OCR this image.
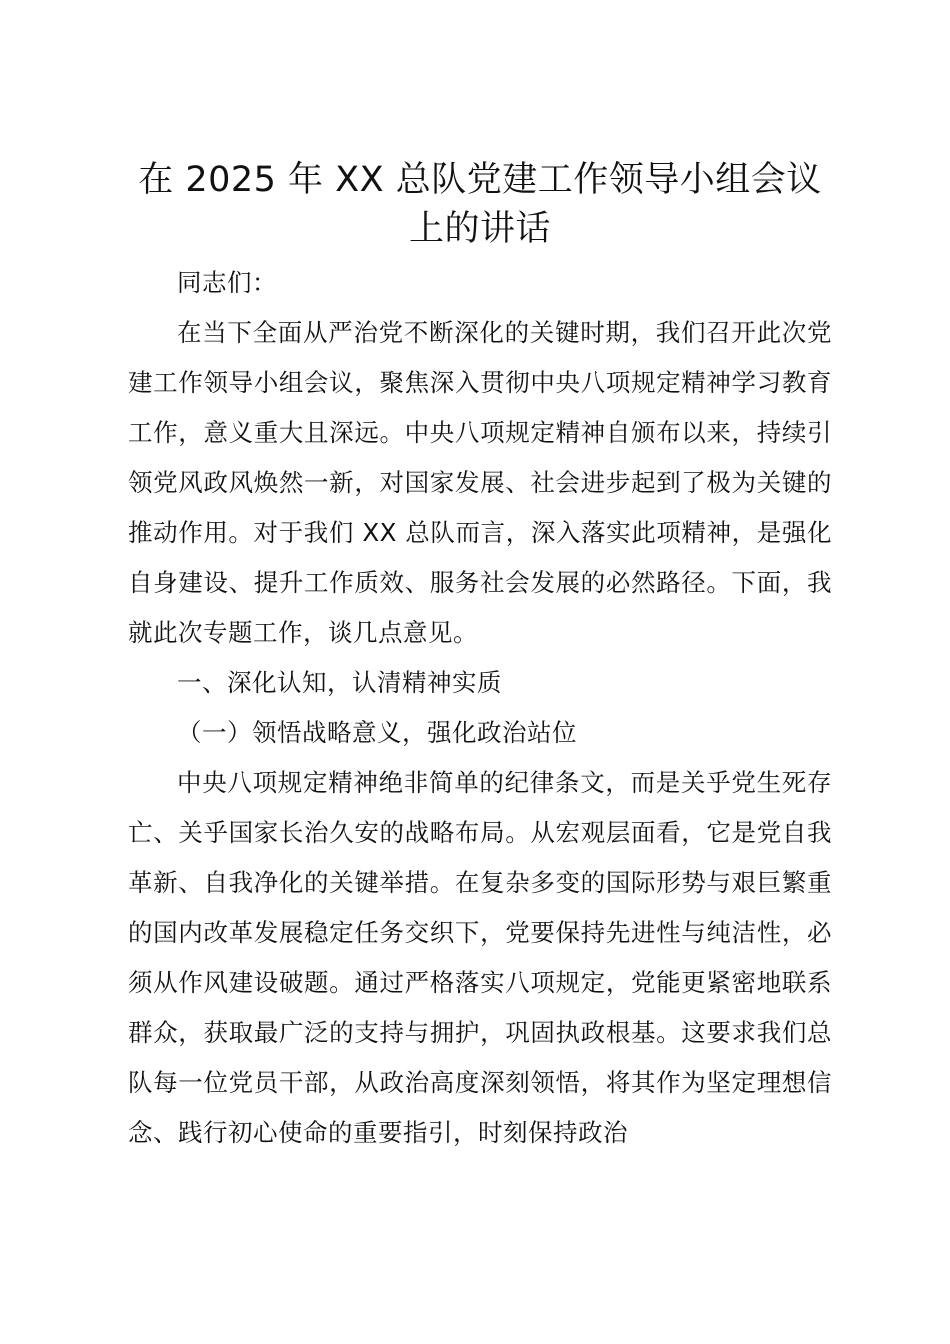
在 2025 年 XX 总队党建工作领导小组会议上的讲话

同志们：

在当下全面从严治党不断深化的关键时期，我们召开此次党建工作领导小组会议，聚焦深入贯彻中央八项规定精神学习教育工作，意义重大且深远。中央八项规定精神自颁布以来，持续引领党风政风焕然一新，对国家发展、社会进步起到了极为关键的推动作用。对于我们 XX 总队而言，深入落实此项精神，是强化自身建设、提升工作质效、服务社会发展的必然路径。下面，我就此次专题工作，谈几点意见。

一、深化认知，认清精神实质

（一）领悟战略意义，强化政治站位

中央八项规定精神绝非简单的纪律条文，而是关乎党生死存亡、关乎国家长治久安的战略布局。从宏观层面看，它是党自我革新、自我净化的关键举措。在复杂多变的国际形势与艰巨繁重的国内改革发展稳定任务交织下，党要保持先进性与纯洁性，必须从作风建设破题。通过严格落实八项规定，党能更紧密地联系群众，获取最广泛的支持与拥护，巩固执政根基。这要求我们总队每一位党员干部，从政治高度深刻领悟，将其作为坚定理想信念、践行初心使命的重要指引，时刻保持政治
